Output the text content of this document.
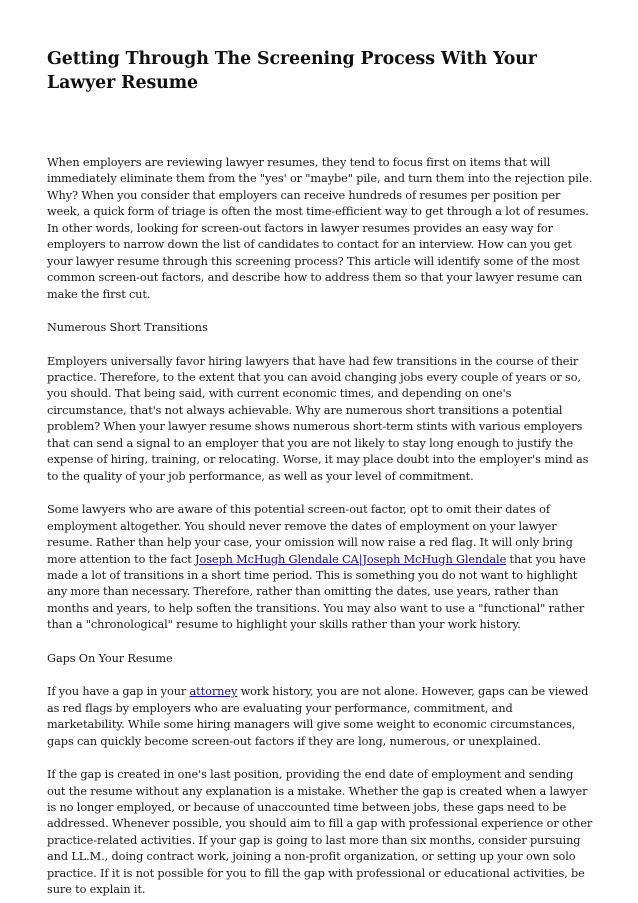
Getting Through The Screening Process With Your Lawyer Resume

When employers are reviewing lawyer resumes, they tend to focus first on items that will immediately eliminate them from the "yes' or "maybe" pile, and turn them into the rejection pile. Why? When you consider that employers can receive hundreds of resumes per position per week, a quick form of triage is often the most time-efficient way to get through a lot of resumes. In other words, looking for screen-out factors in lawyer resumes provides an easy way for employers to narrow down the list of candidates to contact for an interview. How can you get your lawyer resume through this screening process? This article will identify some of the most common screen-out factors, and describe how to address them so that your lawyer resume can make the first cut.

Numerous Short Transitions

Employers universally favor hiring lawyers that have had few transitions in the course of their practice. Therefore, to the extent that you can avoid changing jobs every couple of years or so, you should. That being said, with current economic times, and depending on one's circumstance, that's not always achievable. Why are numerous short transitions a potential problem? When your lawyer resume shows numerous short-term stints with various employers that can send a signal to an employer that you are not likely to stay long enough to justify the expense of hiring, training, or relocating. Worse, it may place doubt into the employer's mind as to the quality of your job performance, as well as your level of commitment.

Some lawyers who are aware of this potential screen-out factor, opt to omit their dates of employment altogether. You should never remove the dates of employment on your lawyer resume. Rather than help your case, your omission will now raise a red flag. It will only bring more attention to the fact Joseph McHugh Glendale CA|Joseph McHugh Glendale that you have made a lot of transitions in a short time period. This is something you do not want to highlight any more than necessary. Therefore, rather than omitting the dates, use years, rather than months and years, to help soften the transitions. You may also want to use a "functional" rather than a "chronological" resume to highlight your skills rather than your work history.

Gaps On Your Resume

If you have a gap in your attorney work history, you are not alone. However, gaps can be viewed as red flags by employers who are evaluating your performance, commitment, and marketability. While some hiring managers will give some weight to economic circumstances, gaps can quickly become screen-out factors if they are long, numerous, or unexplained.

If the gap is created in one's last position, providing the end date of employment and sending out the resume without any explanation is a mistake. Whether the gap is created when a lawyer is no longer employed, or because of unaccounted time between jobs, these gaps need to be addressed. Whenever possible, you should aim to fill a gap with professional experience or other practice-related activities. If your gap is going to last more than six months, consider pursuing and LL.M., doing contract work, joining a non-profit organization, or setting up your own solo practice. If it is not possible for you to fill the gap with professional or educational activities, be sure to explain it.
